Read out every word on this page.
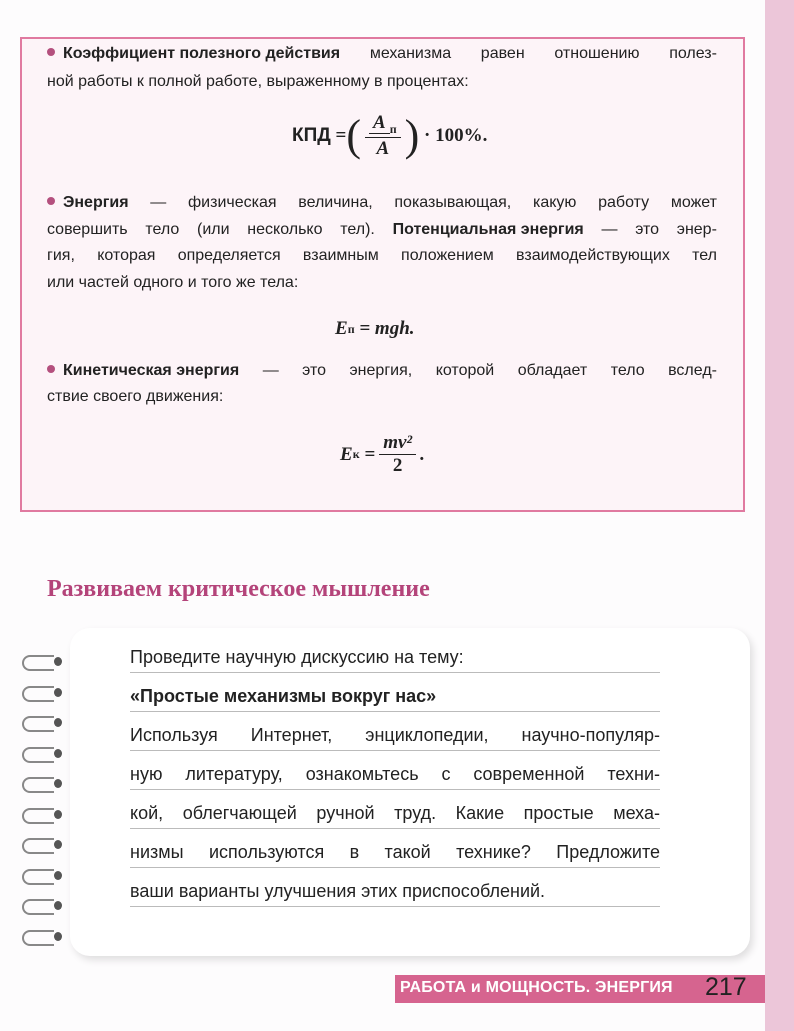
Коэффициент полезного действия механизма равен отношению полез-
ной работы к полной работе, выраженному в процентах:
КПД = ( $\frac{A _п}{A}$ )
· 100%.
Энергия — физическая величина, показывающая, какую работу может
совершить тело (или несколько тел). Потенциальная энергия — это энер-
гия, которая определяется взаимным положением взаимодействующих тел
или частей одного и того же тела:
E п
= mgh.
Кинетическая энергия — это энергия, которой обладает тело вслед-
ствие своего движения:
E $к = \frac{\text{mv²}}{2}$ .
Развиваем критическое мышление
Проведите научную дискуссию на тему:
«Простые механизмы вокруг нас»
Используя Интернет, энциклопедии, научно-популяр-
ную литературу, ознакомьтесь с современной техни-
кой, облегчающей ручной труд. Какие простые меха-
низмы используются в такой технике? Предложите
ваши варианты улучшения этих приспособлений.
РАБОТА и МОЩНОСТЬ. ЭНЕРГИЯ 217
